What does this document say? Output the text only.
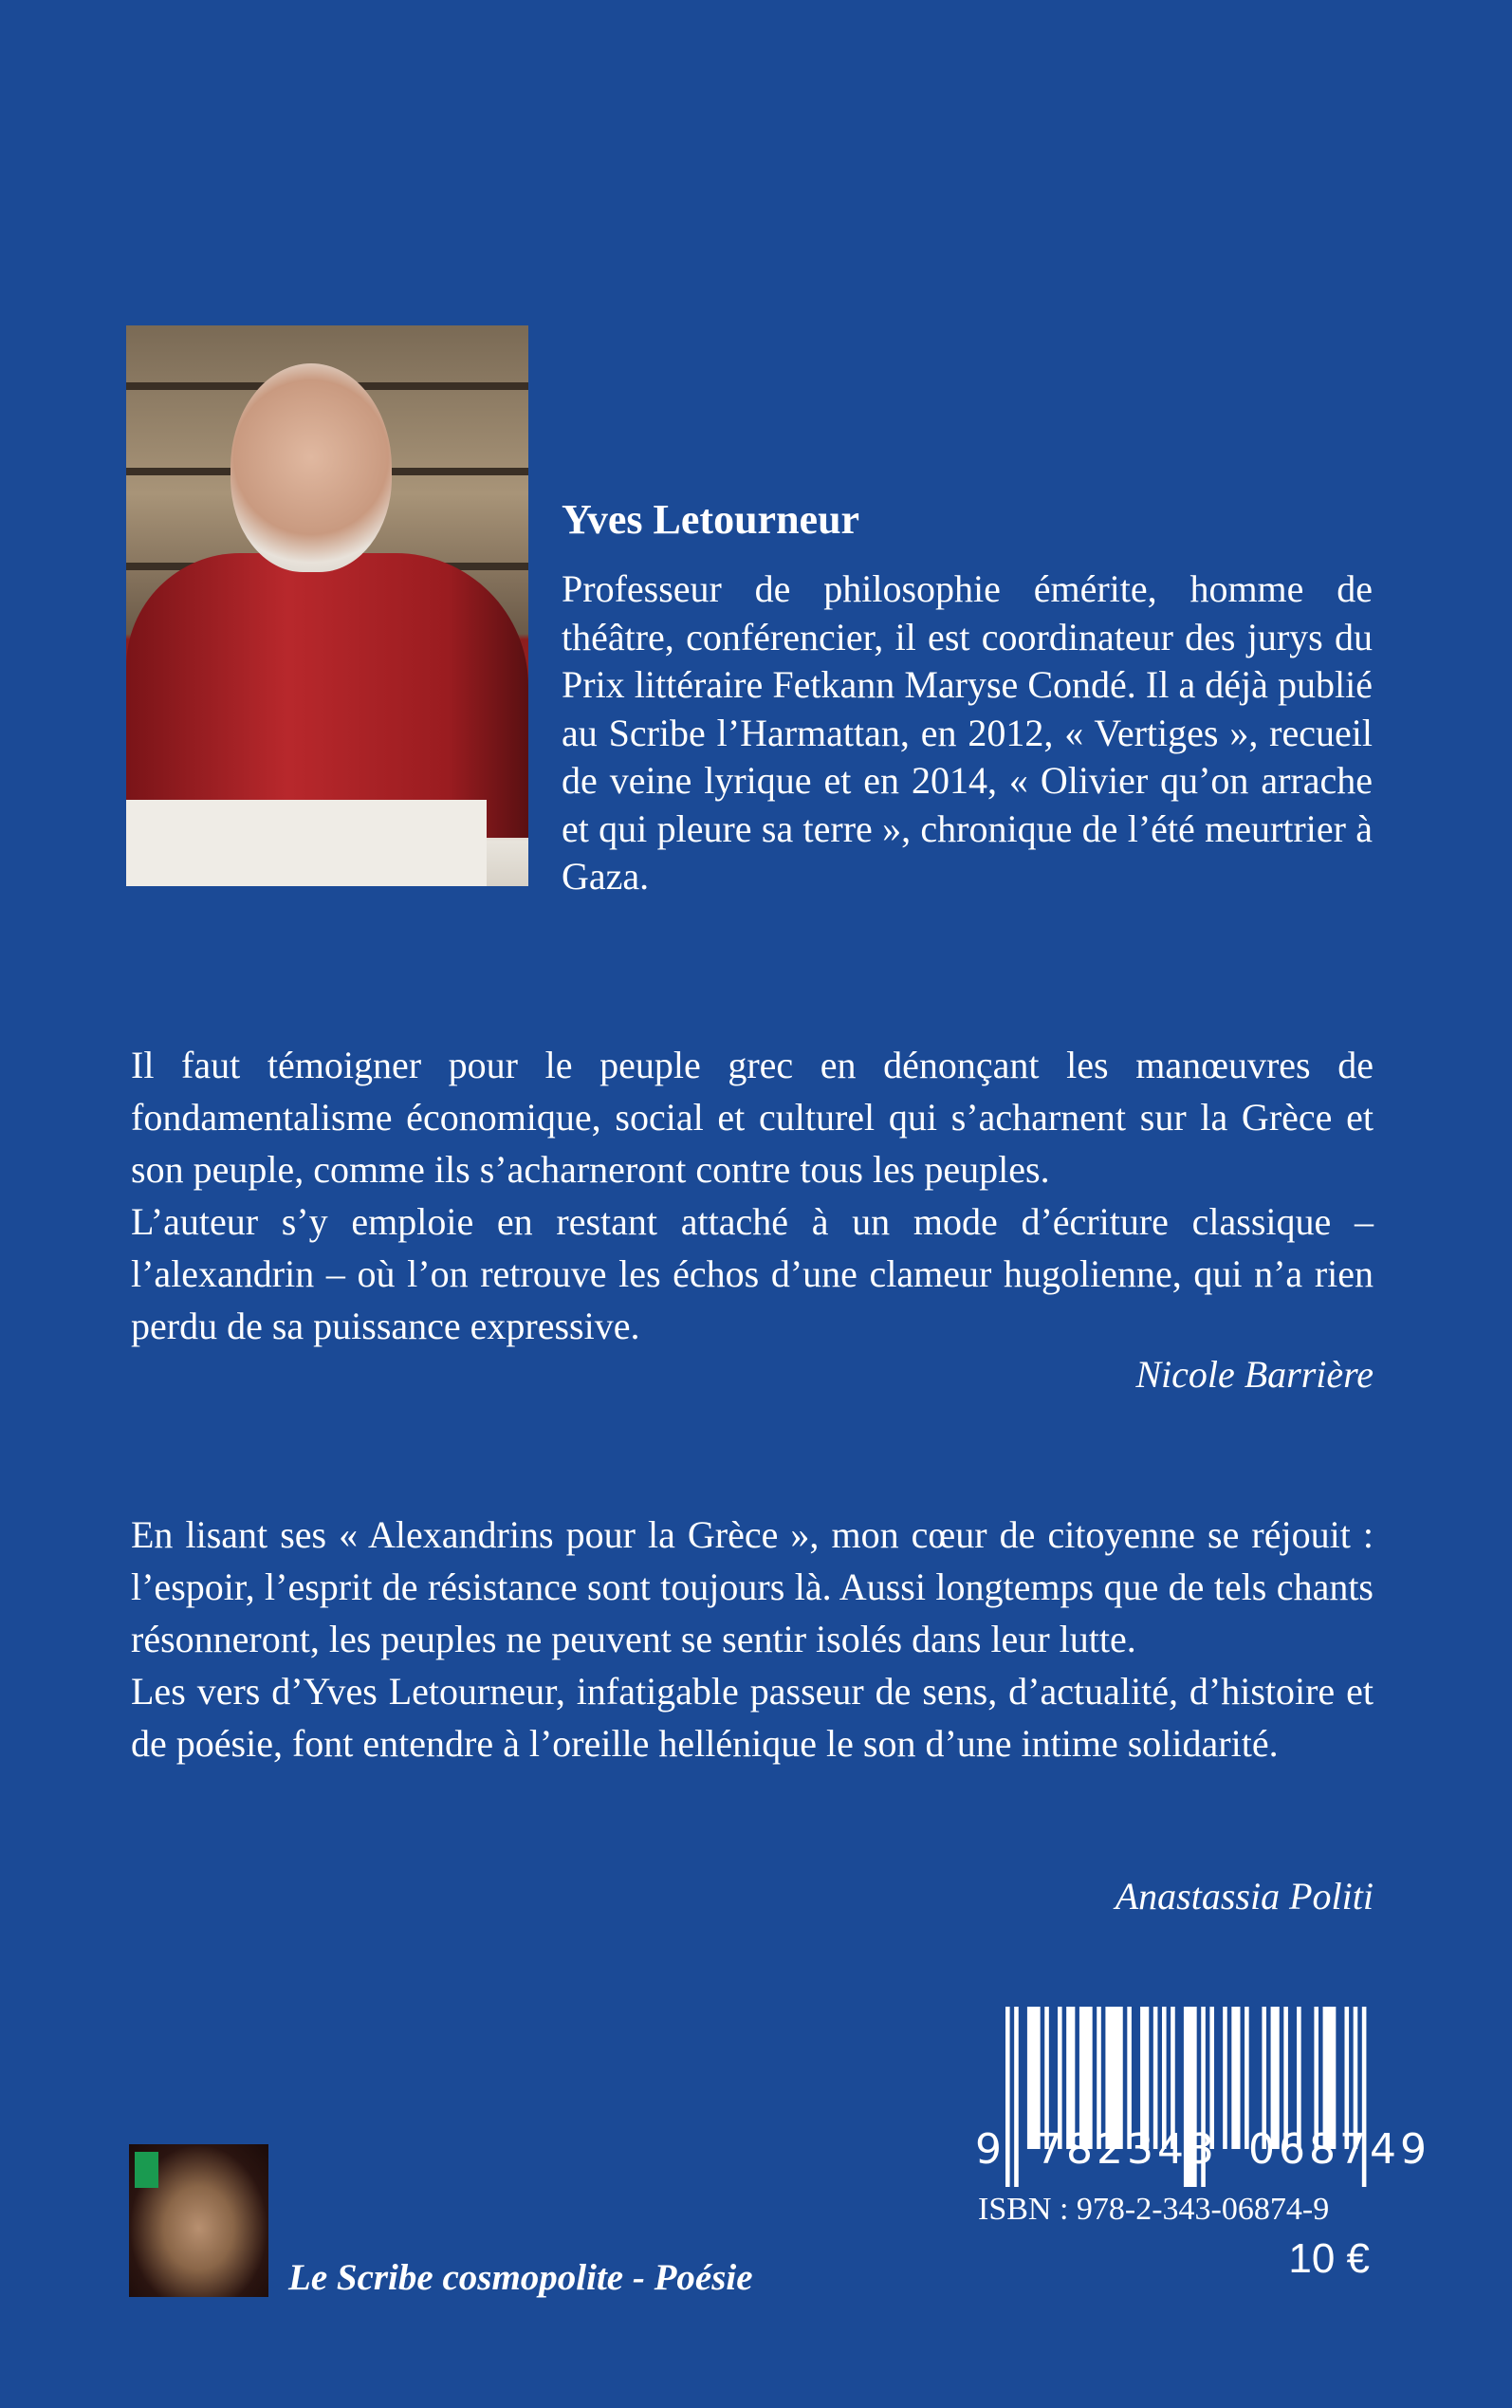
Yves Letourneur
Professeur de philosophie émérite, homme de théâtre, conférencier, il est coordinateur des jurys du Prix littéraire Fetkann Maryse Condé. Il a déjà publié au Scribe l’Harmattan, en 2012, « Vertiges », recueil de veine lyrique et en 2014, « Olivier qu’on arrache et qui pleure sa terre », chronique de l’été meurtrier à Gaza.

Il faut témoigner pour le peuple grec en dénonçant les manœuvres de fondamentalisme économique, social et culturel qui s’acharnent sur la Grèce et son peuple, comme ils s’acharneront contre tous les peuples.

L’auteur s’y emploie en restant attaché à un mode d’écriture classique – l’alexandrin – où l’on retrouve les échos d’une clameur hugolienne, qui n’a rien perdu de sa puissance expressive.

Nicole Barrière

En lisant ses « Alexandrins pour la Grèce », mon cœur de citoyenne se réjouit : l’espoir, l’esprit de résistance sont toujours là. Aussi longtemps que de tels chants résonneront, les peuples ne peuvent se sentir isolés dans leur lutte.

Les vers d’Yves Letourneur, infatigable passeur de sens, d’actualité, d’histoire et de poésie, font entendre à l’oreille hellénique le son d’une intime solidarité.

Anastassia Politi
9 782343 068749
ISBN : 978-2-343-06874-9
10 €
Le Scribe cosmopolite - Poésie
